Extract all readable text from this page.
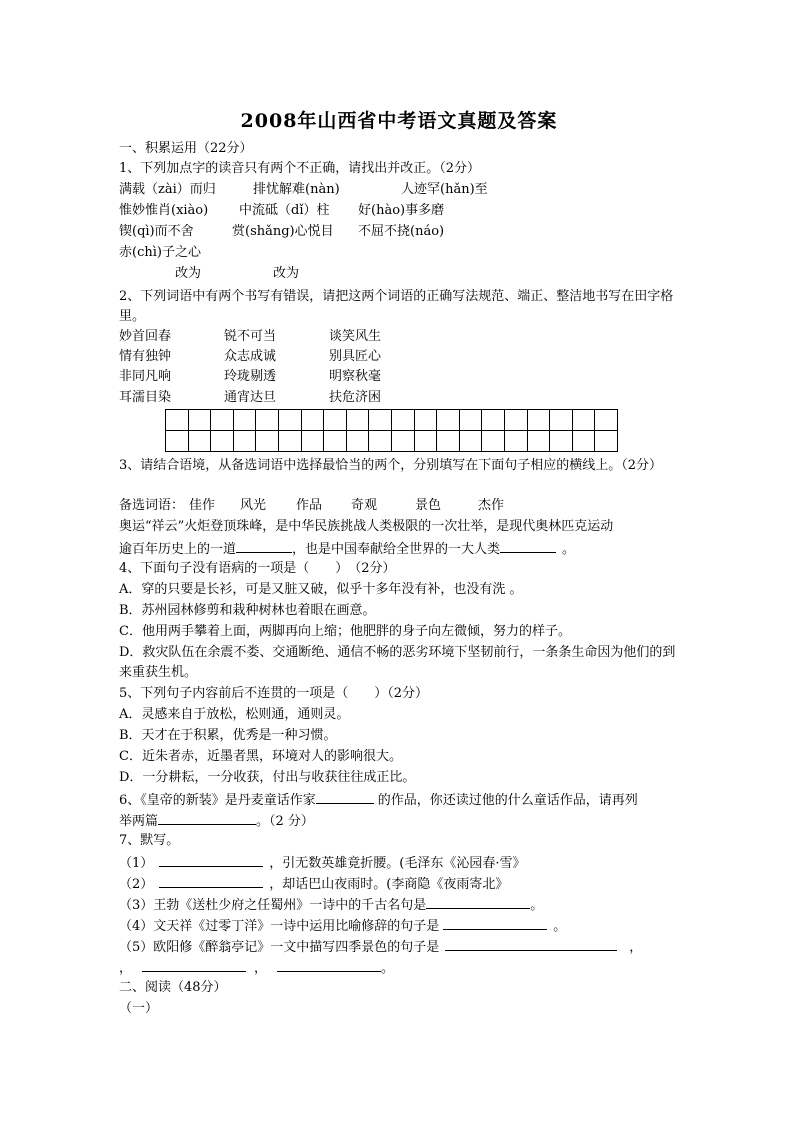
2008年山西省中考语文真题及答案
一、积累运用（22分）
1、下列加点字的读音只有两个不正确，请找出并改正。（2分）
满载（zài）而归	排忧解难(nàn)	人迹罕(hǎn)至
惟妙惟肖(xiào) 中流砥（dǐ）柱 好(hào)事多磨
锲(qì)而不舍	赏(shǎng)心悦目 不屈不挠(náo)
赤(chì)子之心
改为	改为
2、下列词语中有两个书写有错误，请把这两个词语的正确写法规范、端正、整洁地书写在田字格里。
妙首回春	锐不可当	谈笑风生
情有独钟	众志成诚	别具匠心
非同凡响	玲珑剔透	明察秋毫
耳濡目染	通宵达旦	扶危济困

3、请结合语境，从备选词语中选择最恰当的两个，分别填写在下面句子相应的横线上。（2分）
备选词语： 佳作 风光 作品 奇观	景色	杰作
奥运“祥云”火炬登顶珠峰，是中华民族挑战人类极限的一次壮举，是现代奥林匹克运动
逾百年历史上的一道	，也是中国奉献给全世界的一大人类	。
4、下面句子没有语病的一项是（　　）　（2分）
A．穿的只要是长衫，可是又脏又破，似乎十多年没有补，也没有洗 。
B．苏州园林修剪和栽种树林也着眼在画意。
C．他用两手攀着上面，两脚再向上缩；他肥胖的身子向左微倾，努力的样子。
D．救灾队伍在余震不娄、交通断绝、通信不畅的恶劣环境下坚韧前行，一条条生命因为他们的到来重获生机。
5、下列句子内容前后不连贯的一项是（　　）（2分）
A．灵感来自于放松，松则通，通则灵。
B．天才在于积累，优秀是一种习惯。
C．近朱者赤，近墨者黑，环境对人的影响很大。
D．一分耕耘，一分收获，付出与收获往往成正比。
6、《皇帝的新装》是丹麦童话作家	的作品，你还读过他的什么童话作品，请再列
举两篇	。（2 分）
7、默写。
（1）	，引无数英雄竟折腰。(毛泽东《沁园春·雪》
（2）	，却话巴山夜雨时。(李商隐《夜雨寄北》
（3）王勃《送杜少府之任蜀州》一诗中的千古名句是	。
（4）文天祥《过零丁洋》一诗中运用比喻修辞的句子是	。
（5）欧阳修《醉翁亭记》一文中描写四季景色的句子是	，
，	，	。
二、阅读（48分）
（一）
